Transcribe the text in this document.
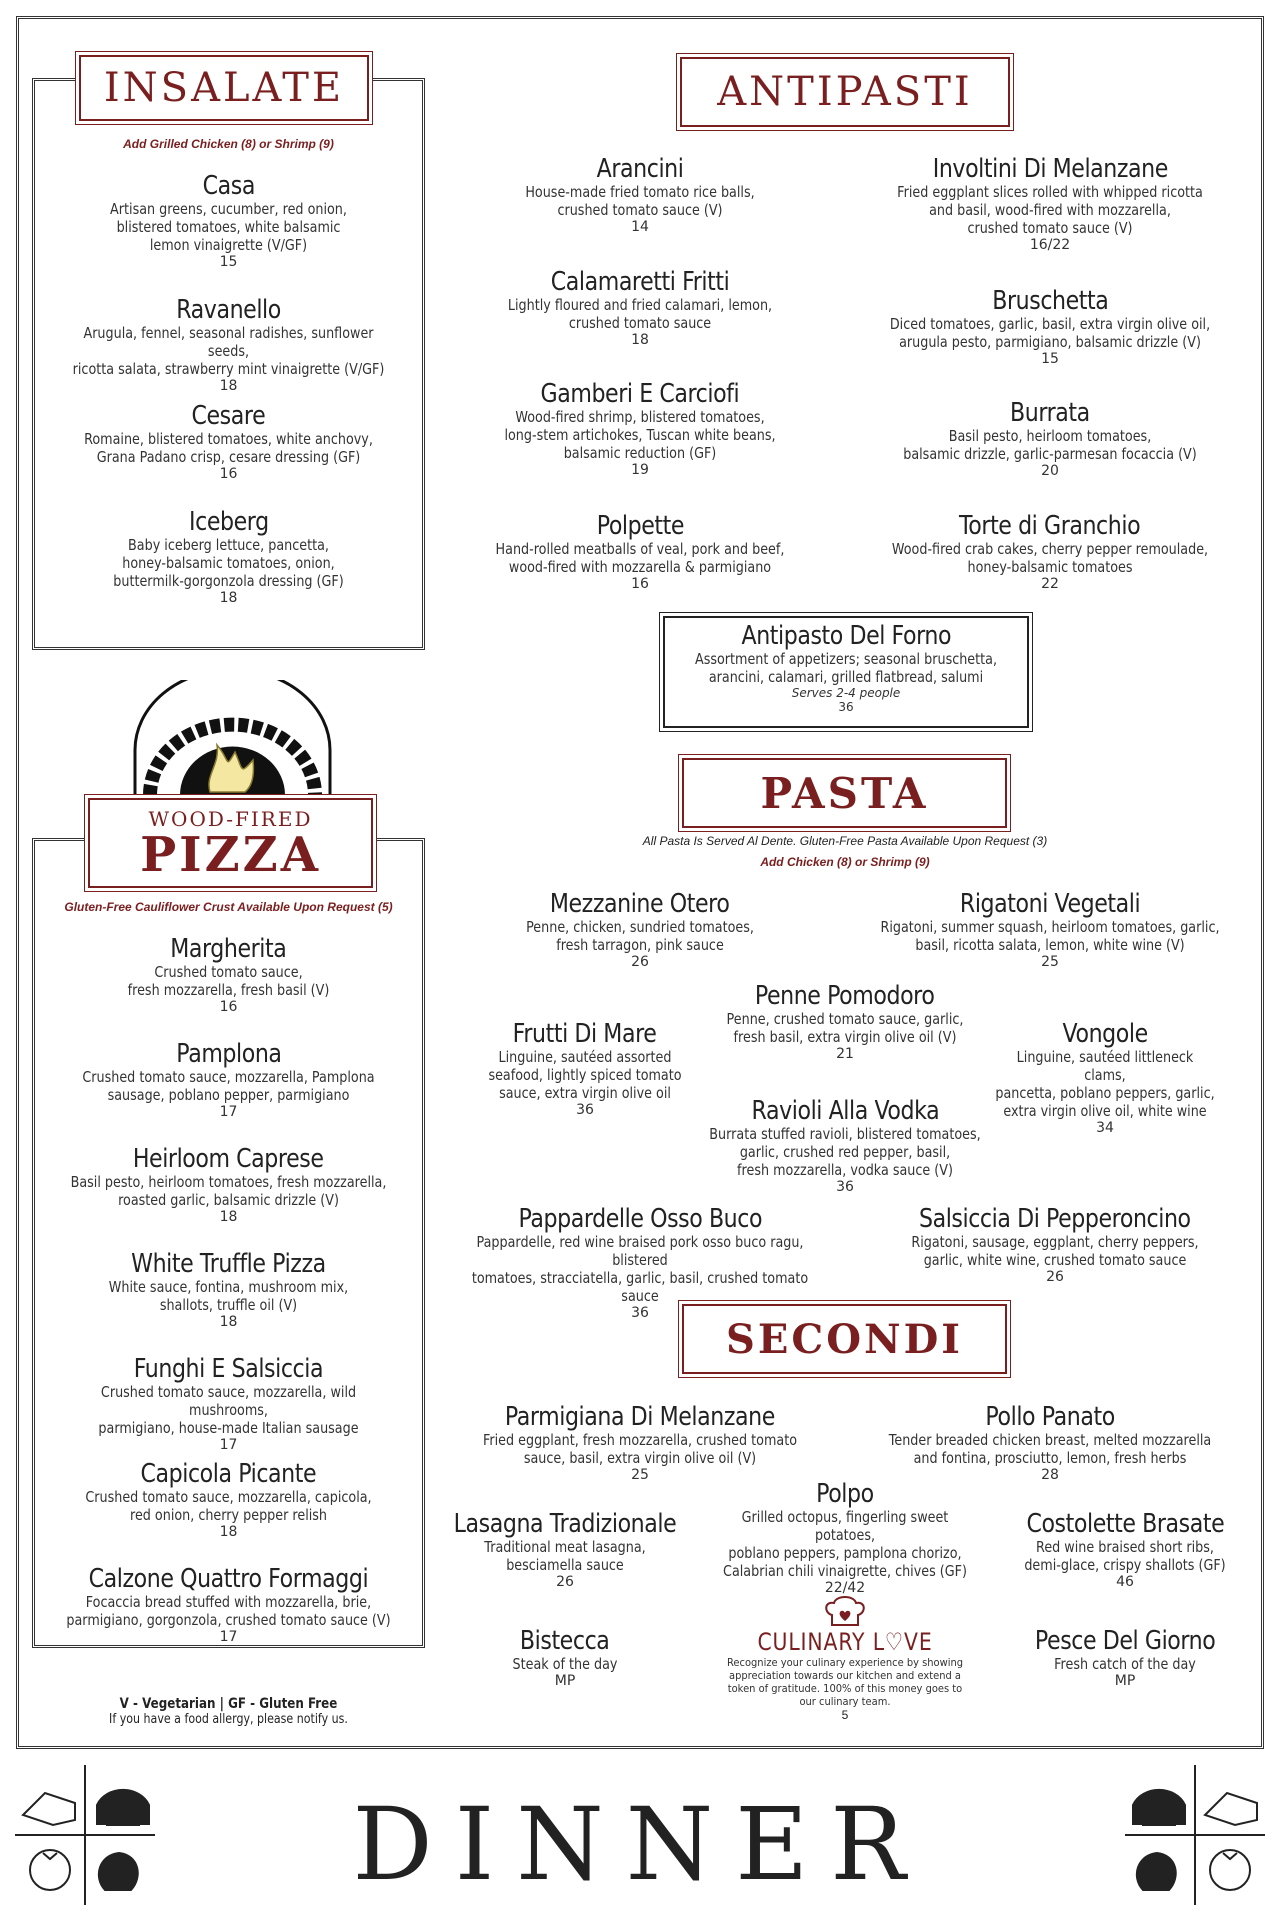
INSALATE
Add Grilled Chicken (8) or Shrimp (9)
Casa
Artisan greens, cucumber, red onion,
blistered tomatoes, white balsamic
lemon vinaigrette (V/GF)
15
Ravanello
Arugula, fennel, seasonal radishes, sunflower seeds,
ricotta salata, strawberry mint vinaigrette (V/GF)
18
Cesare
Romaine, blistered tomatoes, white anchovy,
Grana Padano crisp, cesare dressing (GF)
16
Iceberg
Baby iceberg lettuce, pancetta,
honey-balsamic tomatoes, onion,
buttermilk-gorgonzola dressing (GF)
18
WOOD-FIRED
PIZZA
Gluten-Free Cauliflower Crust Available Upon Request (5)
Margherita
Crushed tomato sauce,
fresh mozzarella, fresh basil (V)
16
Pamplona
Crushed tomato sauce, mozzarella, Pamplona
sausage, poblano pepper, parmigiano
17
Heirloom Caprese
Basil pesto, heirloom tomatoes, fresh mozzarella,
roasted garlic, balsamic drizzle (V)
18
White Truffle Pizza
White sauce, fontina, mushroom mix,
shallots, truffle oil (V)
18
Funghi E Salsiccia
Crushed tomato sauce, mozzarella, wild mushrooms,
parmigiano, house-made Italian sausage
17
Capicola Picante
Crushed tomato sauce, mozzarella, capicola,
red onion, cherry pepper relish
18
Calzone Quattro Formaggi
Focaccia bread stuffed with mozzarella, brie,
parmigiano, gorgonzola, crushed tomato sauce (V)
17
V - Vegetarian | GF - Gluten Free
If you have a food allergy, please notify us.
ANTIPASTI
Arancini
House-made fried tomato rice balls,
crushed tomato sauce (V)
14
Involtini Di Melanzane
Fried eggplant slices rolled with whipped ricotta
and basil, wood-fired with mozzarella,
crushed tomato sauce (V)
16/22
Calamaretti Fritti
Lightly floured and fried calamari, lemon,
crushed tomato sauce
18
Bruschetta
Diced tomatoes, garlic, basil, extra virgin olive oil,
arugula pesto, parmigiano, balsamic drizzle (V)
15
Gamberi E Carciofi
Wood-fired shrimp, blistered tomatoes,
long-stem artichokes, Tuscan white beans,
balsamic reduction (GF)
19
Burrata
Basil pesto, heirloom tomatoes,
balsamic drizzle, garlic-parmesan focaccia (V)
20
Polpette
Hand-rolled meatballs of veal, pork and beef,
wood-fired with mozzarella & parmigiano
16
Torte di Granchio
Wood-fired crab cakes, cherry pepper remoulade,
honey-balsamic tomatoes
22
Antipasto Del Forno
Assortment of appetizers; seasonal bruschetta,
arancini, calamari, grilled flatbread, salumi
Serves 2-4 people
36
PASTA
All Pasta Is Served Al Dente. Gluten-Free Pasta Available Upon Request (3)
Add Chicken (8) or Shrimp (9)
Mezzanine Otero
Penne, chicken, sundried tomatoes,
fresh tarragon, pink sauce
26
Rigatoni Vegetali
Rigatoni, summer squash, heirloom tomatoes, garlic,
basil, ricotta salata, lemon, white wine (V)
25
Penne Pomodoro
Penne, crushed tomato sauce, garlic,
fresh basil, extra virgin olive oil (V)
21
Frutti Di Mare
Linguine, sautéed assorted
seafood, lightly spiced tomato
sauce, extra virgin olive oil
36
Vongole
Linguine, sautéed littleneck clams,
pancetta, poblano peppers, garlic,
extra virgin olive oil, white wine
34
Ravioli Alla Vodka
Burrata stuffed ravioli, blistered tomatoes,
garlic, crushed red pepper, basil,
fresh mozzarella, vodka sauce (V)
36
Pappardelle Osso Buco
Pappardelle, red wine braised pork osso buco ragu, blistered
tomatoes, stracciatella, garlic, basil, crushed tomato sauce
36
Salsiccia Di Pepperoncino
Rigatoni, sausage, eggplant, cherry peppers,
garlic, white wine, crushed tomato sauce
26
SECONDI
Parmigiana Di Melanzane
Fried eggplant, fresh mozzarella, crushed tomato
sauce, basil, extra virgin olive oil (V)
25
Pollo Panato
Tender breaded chicken breast, melted mozzarella
and fontina, prosciutto, lemon, fresh herbs
28
Polpo
Grilled octopus, fingerling sweet potatoes,
poblano peppers, pamplona chorizo,
Calabrian chili vinaigrette, chives (GF)
22/42
Lasagna Tradizionale
Traditional meat lasagna,
besciamella sauce
26
Costolette Brasate
Red wine braised short ribs,
demi-glace, crispy shallots (GF)
46
Bistecca
Steak of the day
MP
Pesce Del Giorno
Fresh catch of the day
MP
CULINARY L♡VE
Recognize your culinary experience by showing
appreciation towards our kitchen and extend a
token of gratitude. 100% of this money goes to
our culinary team.
5
DINNER
